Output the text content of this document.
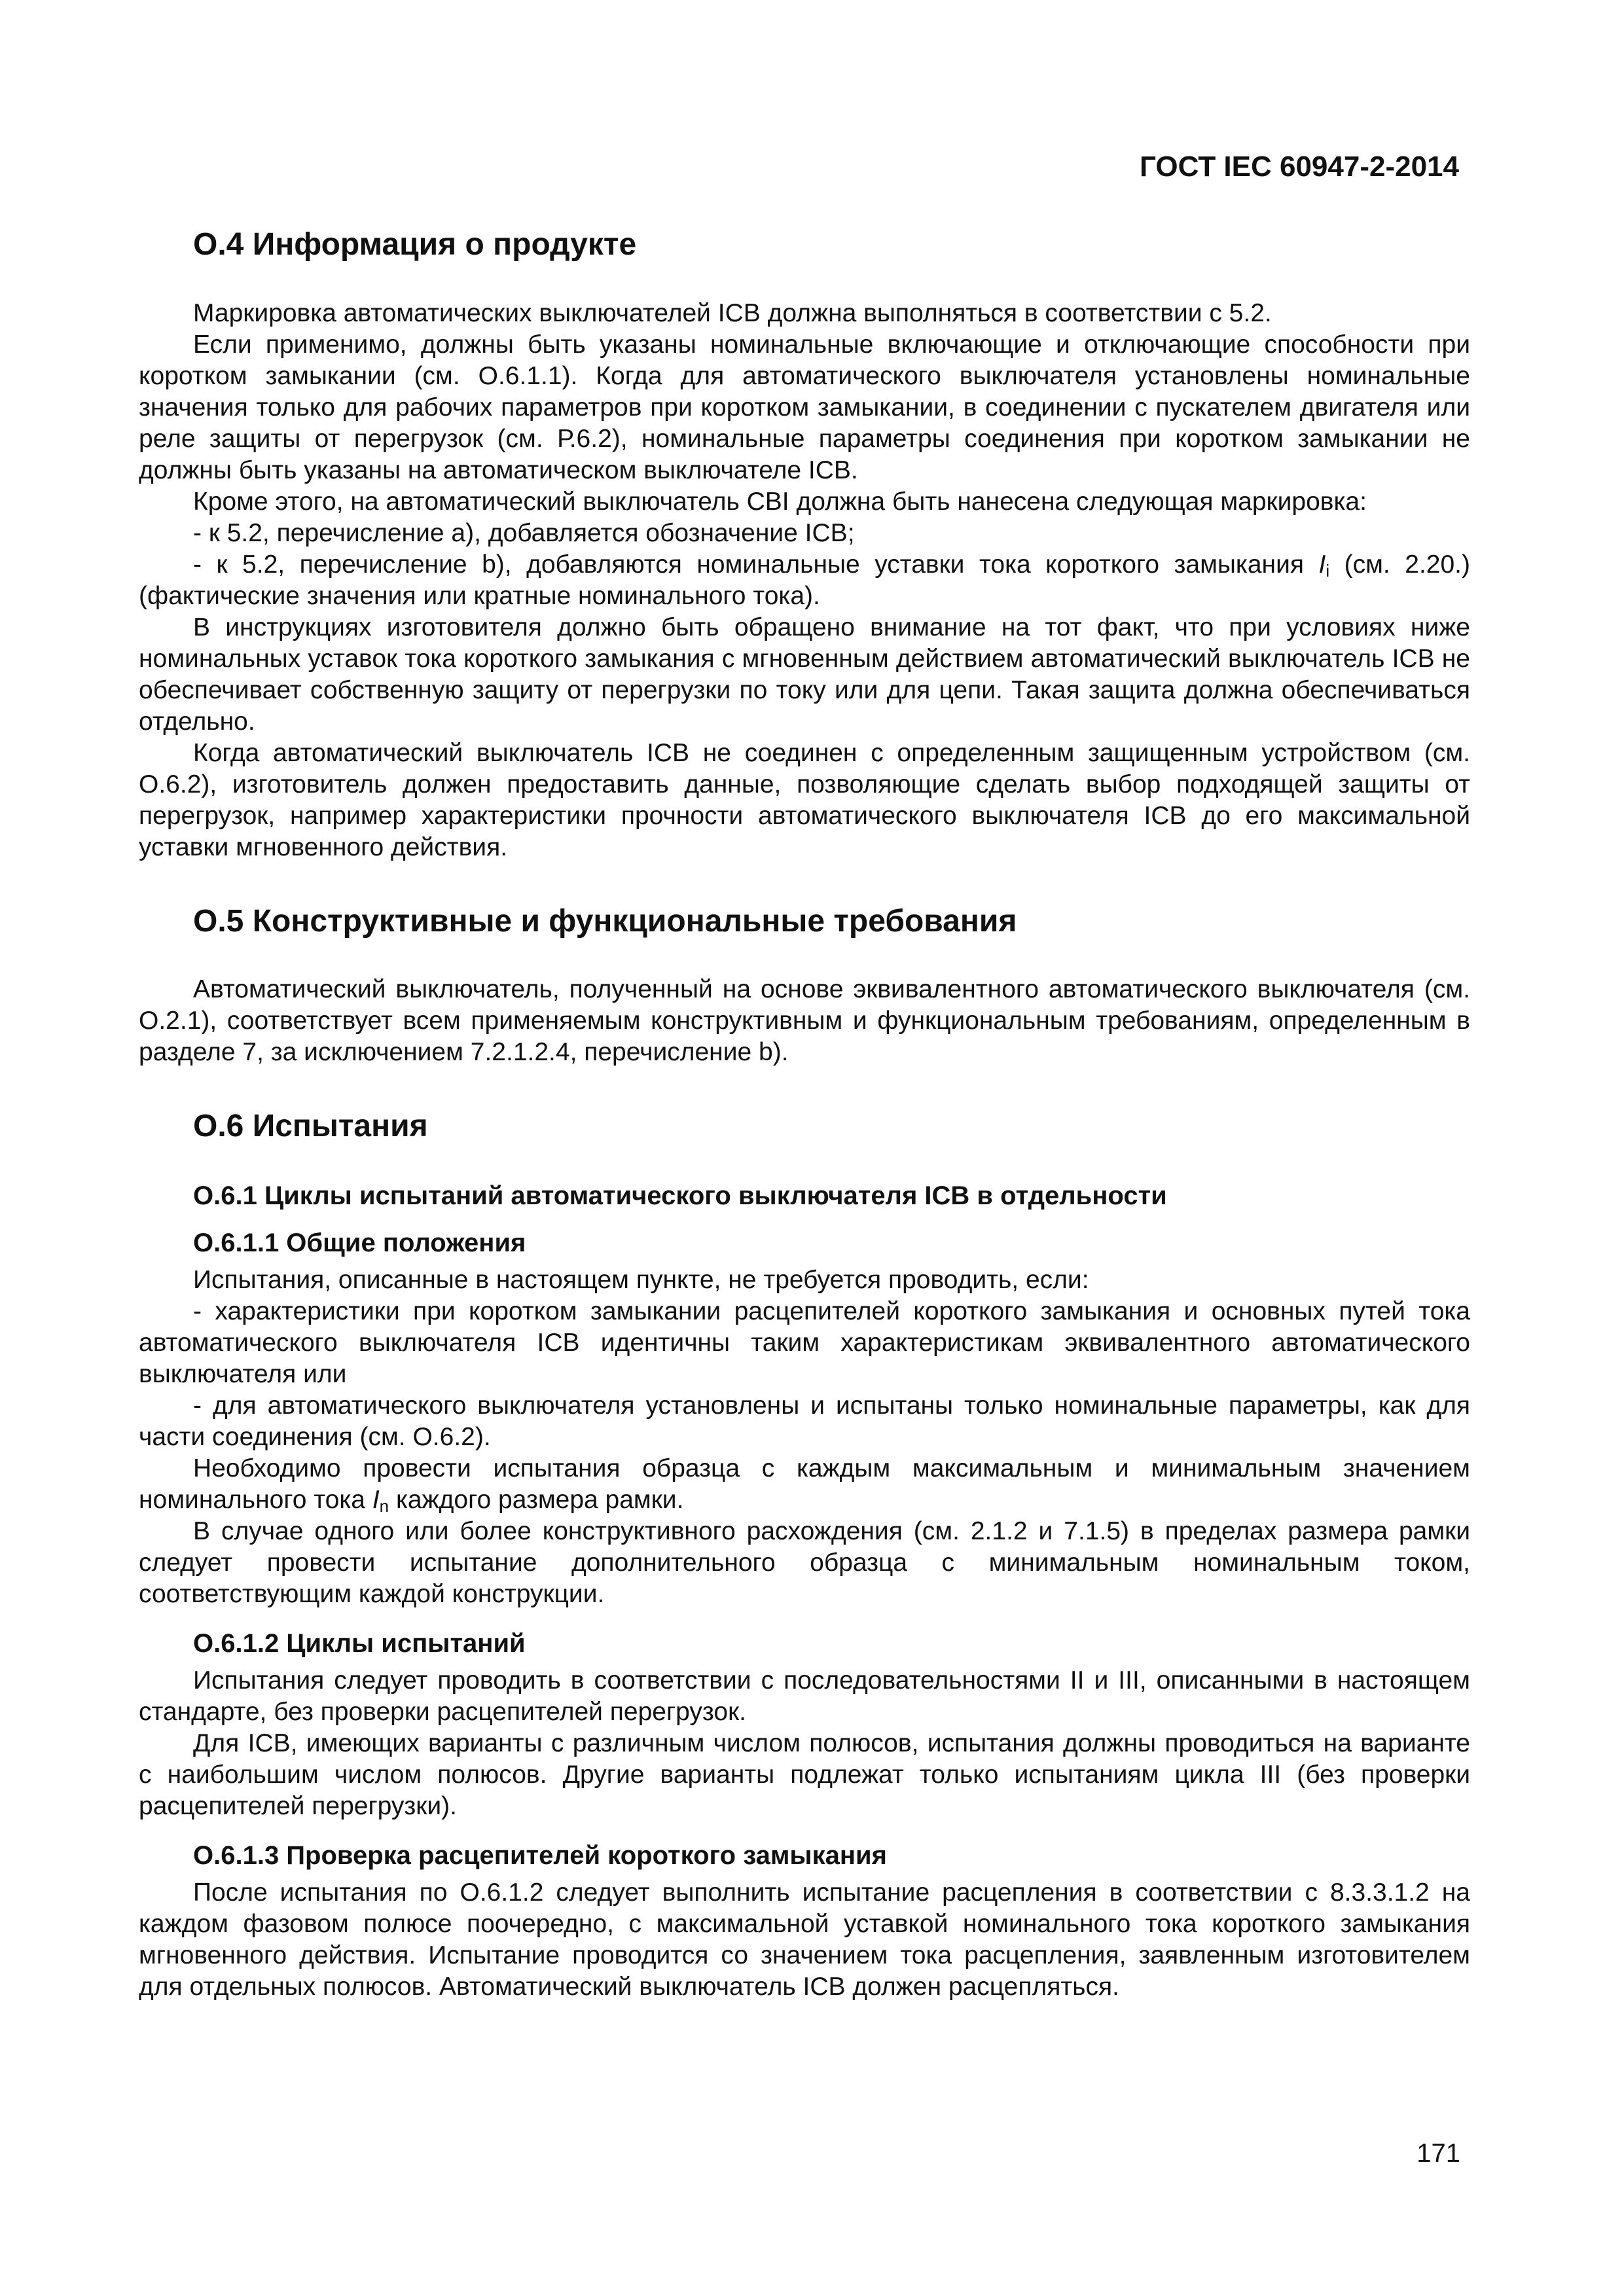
ГОСТ IEC 60947-2-2014

О.4 Информация о продукте

Маркировка автоматических выключателей ICB должна выполняться в соответствии с 5.2.

Если применимо, должны быть указаны номинальные включающие и отключающие способности при коротком замыкании (см. О.6.1.1). Когда для автоматического выключателя установлены номинальные значения только для рабочих параметров при коротком замыкании, в соединении с пускателем двигателя или реле защиты от перегрузок (см. Р.6.2), номинальные параметры соединения при коротком замыкании не должны быть указаны на автоматическом выключателе ICB.

Кроме этого, на автоматический выключатель CBI должна быть нанесена следующая маркировка:

- к 5.2, перечисление а), добавляется обозначение ICB;

- к 5.2, перечисление b), добавляются номинальные уставки тока короткого замыкания $I_i$ (см. 2.20.) (фактические значения или кратные номинального тока).

В инструкциях изготовителя должно быть обращено внимание на тот факт, что при условиях ниже номинальных уставок тока короткого замыкания с мгновенным действием автоматический выключатель ICB не обеспечивает собственную защиту от перегрузки по току или для цепи. Такая защита должна обеспечиваться отдельно.

Когда автоматический выключатель ICB не соединен с определенным защищенным устройством (см. О.6.2), изготовитель должен предоставить данные, позволяющие сделать выбор подходящей защиты от перегрузок, например характеристики прочности автоматического выключателя ICB до его максимальной уставки мгновенного действия.

О.5 Конструктивные и функциональные требования

Автоматический выключатель, полученный на основе эквивалентного автоматического выключателя (см. О.2.1), соответствует всем применяемым конструктивным и функциональным требованиям, определенным в разделе 7, за исключением 7.2.1.2.4, перечисление b).

О.6 Испытания
О.6.1 Циклы испытаний автоматического выключателя ICB в отдельности
О.6.1.1 Общие положения

Испытания, описанные в настоящем пункте, не требуется проводить, если:

- характеристики при коротком замыкании расцепителей короткого замыкания и основных путей тока автоматического выключателя ICB идентичны таким характеристикам эквивалентного автоматического выключателя или

- для автоматического выключателя установлены и испытаны только номинальные параметры, как для части соединения (см. О.6.2).

Необходимо провести испытания образца с каждым максимальным и минимальным значением номинального тока $I_n$ каждого размера рамки.

В случае одного или более конструктивного расхождения (см. 2.1.2 и 7.1.5) в пределах размера рамки следует провести испытание дополнительного образца с минимальным номинальным током, соответствующим каждой конструкции.

О.6.1.2 Циклы испытаний

Испытания следует проводить в соответствии с последовательностями II и III, описанными в настоящем стандарте, без проверки расцепителей перегрузок.

Для ICB, имеющих варианты с различным числом полюсов, испытания должны проводиться на варианте с наибольшим числом полюсов. Другие варианты подлежат только испытаниям цикла III (без проверки расцепителей перегрузки).

О.6.1.3 Проверка расцепителей короткого замыкания

После испытания по О.6.1.2 следует выполнить испытание расцепления в соответствии с 8.3.3.1.2 на каждом фазовом полюсе поочередно, с максимальной уставкой номинального тока короткого замыкания мгновенного действия. Испытание проводится со значением тока расцепления, заявленным изготовителем для отдельных полюсов. Автоматический выключатель ICB должен расцепляться.

171
